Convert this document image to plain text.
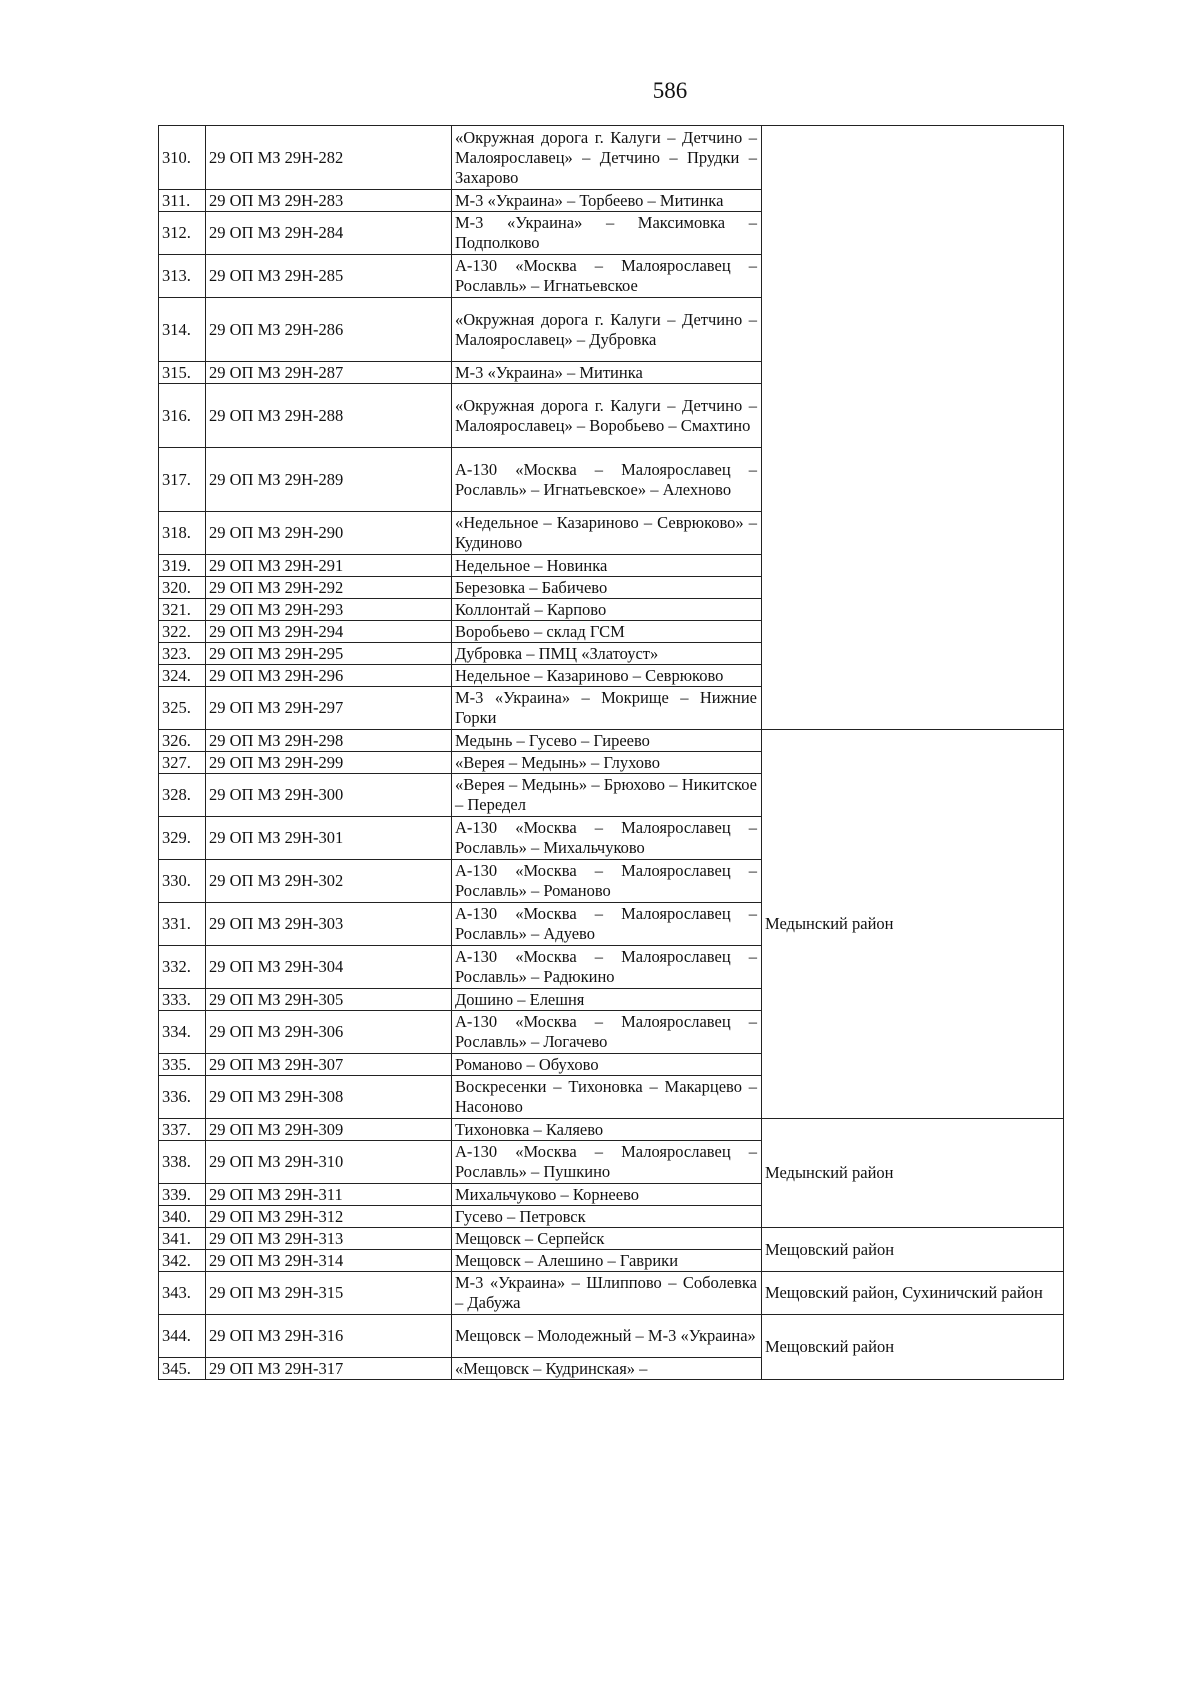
586
310.	29 ОП МЗ 29Н-282	«Окружная дорога г. Калуги – Детчино – Малоярославец» – Детчино – Прудки – Захарово	
311.	29 ОП МЗ 29Н-283	М-3 «Украина» – Торбеево – Митинка	
312.	29 ОП МЗ 29Н-284	М-3 «Украина» – Максимовка – Подполково	
313.	29 ОП МЗ 29Н-285	А-130 «Москва – Малоярославец – Рославль» – Игнатьевское	
314.	29 ОП МЗ 29Н-286	«Окружная дорога г. Калуги – Детчино – Малоярославец» – Дубровка	
315.	29 ОП МЗ 29Н-287	М-3 «Украина» – Митинка	
316.	29 ОП МЗ 29Н-288	«Окружная дорога г. Калуги – Детчино – Малоярославец» – Воробьево – Смахтино	
317.	29 ОП МЗ 29Н-289	А-130 «Москва – Малоярославец – Рославль» – Игнатьевское» – Алехново	
318.	29 ОП МЗ 29Н-290	«Недельное – Казариново – Севрюково» – Кудиново	
319.	29 ОП МЗ 29Н-291	Недельное – Новинка	
320.	29 ОП МЗ 29Н-292	Березовка – Бабичево	
321.	29 ОП МЗ 29Н-293	Коллонтай – Карпово	
322.	29 ОП МЗ 29Н-294	Воробьево – склад ГСМ	
323.	29 ОП МЗ 29Н-295	Дубровка – ПМЦ «Златоуст»	
324.	29 ОП МЗ 29Н-296	Недельное – Казариново – Севрюково	
325.	29 ОП МЗ 29Н-297	М-3 «Украина» – Мокрище – Нижние Горки	
326.	29 ОП МЗ 29Н-298	Медынь – Гусево – Гиреево	Медынский район
327.	29 ОП МЗ 29Н-299	«Верея – Медынь» – Глухово	
328.	29 ОП МЗ 29Н-300	«Верея – Медынь» – Брюхово – Никитское – Передел	
329.	29 ОП МЗ 29Н-301	А-130 «Москва – Малоярославец – Рославль» – Михальчуково	
330.	29 ОП МЗ 29Н-302	А-130 «Москва – Малоярославец – Рославль» – Романово	
331.	29 ОП МЗ 29Н-303	А-130 «Москва – Малоярославец – Рославль» – Адуево	
332.	29 ОП МЗ 29Н-304	А-130 «Москва – Малоярославец – Рославль» – Радюкино	
333.	29 ОП МЗ 29Н-305	Дошино – Елешня	
334.	29 ОП МЗ 29Н-306	А-130 «Москва – Малоярославец – Рославль» – Логачево	
335.	29 ОП МЗ 29Н-307	Романово – Обухово	
336.	29 ОП МЗ 29Н-308	Воскресенки – Тихоновка – Макарцево – Насоново	
337.	29 ОП МЗ 29Н-309	Тихоновка – Каляево	Медынский район
338.	29 ОП МЗ 29Н-310	А-130 «Москва – Малоярославец – Рославль» – Пушкино	
339.	29 ОП МЗ 29Н-311	Михальчуково – Корнеево	
340.	29 ОП МЗ 29Н-312	Гусево – Петровск	
341.	29 ОП МЗ 29Н-313	Мещовск – Серпейск	Мещовский район
342.	29 ОП МЗ 29Н-314	Мещовск – Алешино – Гаврики	
343.	29 ОП МЗ 29Н-315	М-3 «Украина» – Шлиппово – Соболевка – Дабужа	Мещовский район, Сухиничский район
344.	29 ОП МЗ 29Н-316	Мещовск – Молодежный – М-3 «Украина»	Мещовский район
345.	29 ОП МЗ 29Н-317	«Мещовск – Кудринская» –	
